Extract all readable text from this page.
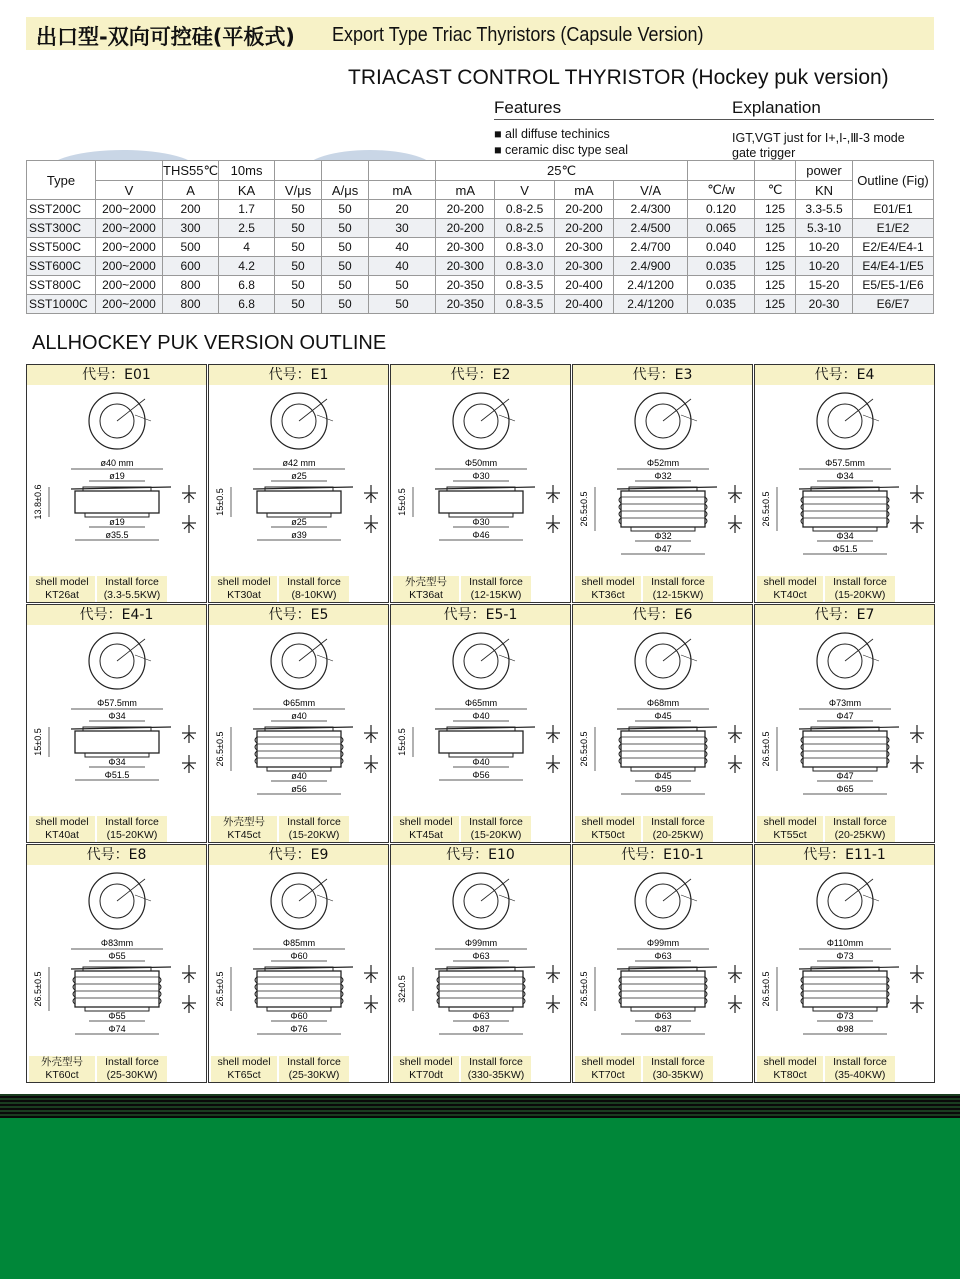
出口型-双向可控硅(平板式) Export Type Triac Thyristors (Capsule Version)
TRIACAST CONTROL THYRISTOR (Hockey puk version)
Features	Explanation
■ all diffuse techinics
■ ceramic disc type seal
IGT,VGT just for I+,I-,Ⅲ-3 mode
gate trigger
Type		THS55℃	10ms				25℃						power	Outline (Fig)
	V	A	KA	V/μs	A/μs	mA	mA	V	mA	V/A	℃/w	℃	KN	
SST200C	200~2000	200	1.7	50	50	20	20-200	0.8-2.5	20-200	2.4/300	0.120	125	3.3-5.5	E01/E1
SST300C	200~2000	300	2.5	50	50	30	20-200	0.8-2.5	20-200	2.4/500	0.065	125	5.3-10	E1/E2
SST500C	200~2000	500	4	50	50	40	20-300	0.8-3.0	20-300	2.4/700	0.040	125	10-20	E2/E4/E4-1
SST600C	200~2000	600	4.2	50	50	40	20-300	0.8-3.0	20-300	2.4/900	0.035	125	10-20	E4/E4-1/E5
SST800C	200~2000	800	6.8	50	50	50	20-350	0.8-3.5	20-400	2.4/1200	0.035	125	15-20	E5/E5-1/E6
SST1000C	200~2000	800	6.8	50	50	50	20-350	0.8-3.5	20-400	2.4/1200	0.035	125	20-30	E6/E7
ALLHOCKEY PUK VERSION OUTLINE
代号：E01
ø40 mm
ø19
13.8±0.6
ø19
ø35.5
shell model
KT26at
Install force
(3.3-5.5KW)
代号：E1
ø42 mm
ø25
15±0.5
ø25
ø39
shell model
KT30at
Install force
(8-10KW)
代号：E2
Φ50mm
Φ30
15±0.5
Φ30
Φ46
外壳型号
KT36at
Install force
(12-15KW)
代号：E3
Φ52mm
Φ32
26.5±0.5
Φ32
Φ47
shell model
KT36ct
Install force
(12-15KW)
代号：E4
Φ57.5mm
Φ34
26.5±0.5
Φ34
Φ51.5
shell model
KT40ct
Install force
(15-20KW)
代号：E4-1
Φ57.5mm
Φ34
15±0.5
Φ34
Φ51.5
shell model
KT40at
Install force
(15-20KW)
代号：E5
Φ65mm
ø40
26.5±0.5
ø40
ø56
外壳型号
KT45ct
Install force
(15-20KW)
代号：E5-1
Φ65mm
Φ40
15±0.5
Φ40
Φ56
shell model
KT45at
Install force
(15-20KW)
代号：E6
Φ68mm
Φ45
26.5±0.5
Φ45
Φ59
shell model
KT50ct
Install force
(20-25KW)
代号：E7
Φ73mm
Φ47
26.5±0.5
Φ47
Φ65
shell model
KT55ct
Install force
(20-25KW)
代号：E8
Φ83mm
Φ55
26.5±0.5
Φ55
Φ74
外壳型号
KT60ct
Install force
(25-30KW)
代号：E9
Φ85mm
Φ60
26.5±0.5
Φ60
Φ76
shell model
KT65ct
Install force
(25-30KW)
代号：E10
Φ99mm
Φ63
32±0.5
Φ63
Φ87
shell model
KT70dt
Install force
(330-35KW)
代号：E10-1
Φ99mm
Φ63
26.5±0.5
Φ63
Φ87
shell model
KT70ct
Install force
(30-35KW)
代号：E11-1
Φ110mm
Φ73
26.5±0.5
Φ73
Φ98
shell model
KT80ct
Install force
(35-40KW)
